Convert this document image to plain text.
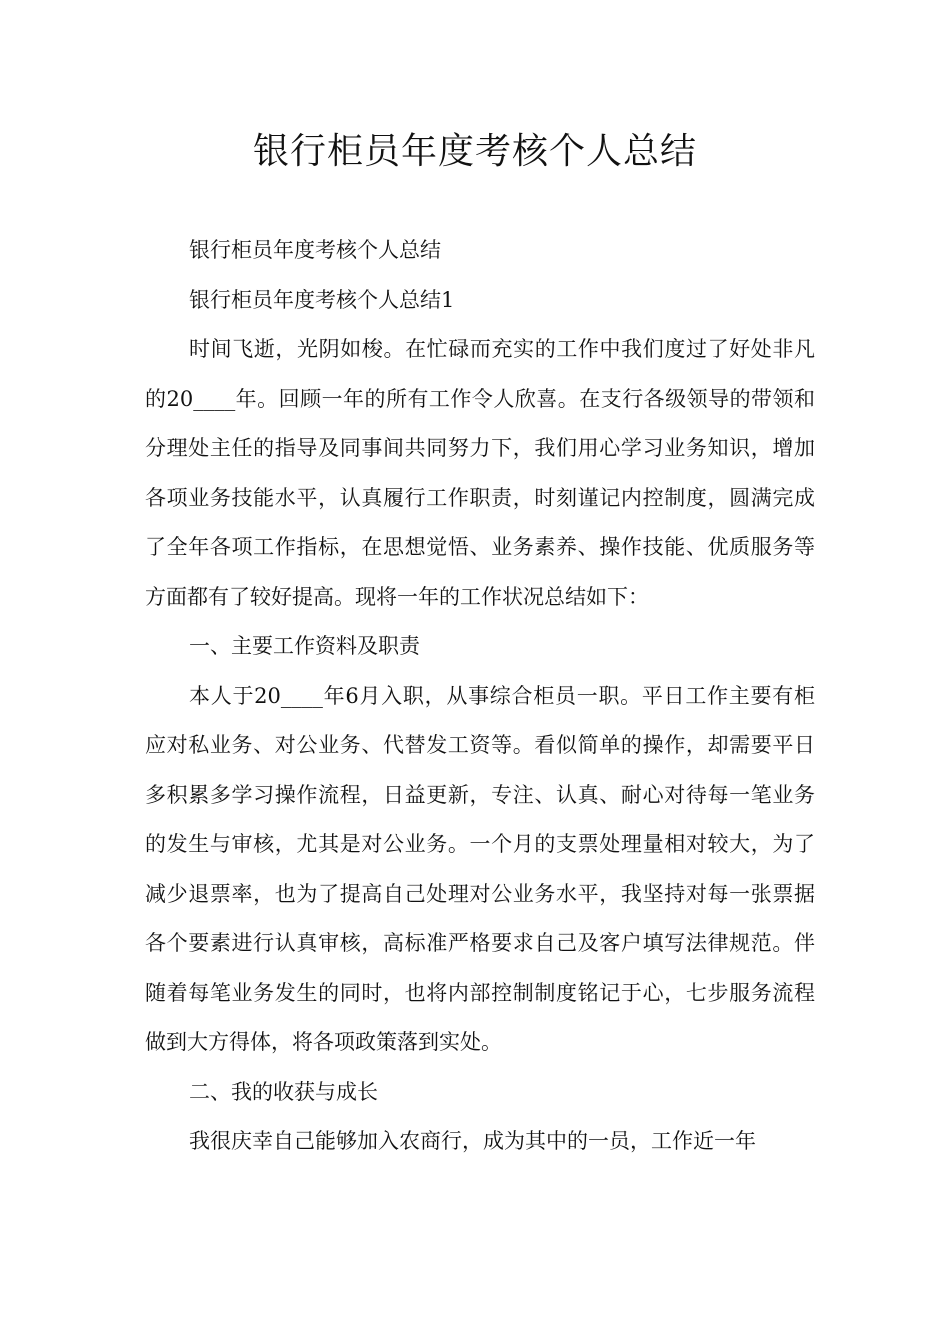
银行柜员年度考核个人总结

银行柜员年度考核个人总结

银行柜员年度考核个人总结1

时间飞逝，光阴如梭。在忙碌而充实的工作中我们度过了好处非凡的20____年。回顾一年的所有工作令人欣喜。在支行各级领导的带领和分理处主任的指导及同事间共同努力下，我们用心学习业务知识，增加各项业务技能水平，认真履行工作职责，时刻谨记内控制度，圆满完成了全年各项工作指标，在思想觉悟、业务素养、操作技能、优质服务等方面都有了较好提高。现将一年的工作状况总结如下：

一、主要工作资料及职责

本人于20____年6月入职，从事综合柜员一职。平日工作主要有柜应对私业务、对公业务、代替发工资等。看似简单的操作，却需要平日多积累多学习操作流程，日益更新，专注、认真、耐心对待每一笔业务的发生与审核，尤其是对公业务。一个月的支票处理量相对较大，为了减少退票率，也为了提高自己处理对公业务水平，我坚持对每一张票据各个要素进行认真审核，高标准严格要求自己及客户填写法律规范。伴随着每笔业务发生的同时，也将内部控制制度铭记于心，七步服务流程做到大方得体，将各项政策落到实处。

二、我的收获与成长

我很庆幸自己能够加入农商行，成为其中的一员，工作近一年
